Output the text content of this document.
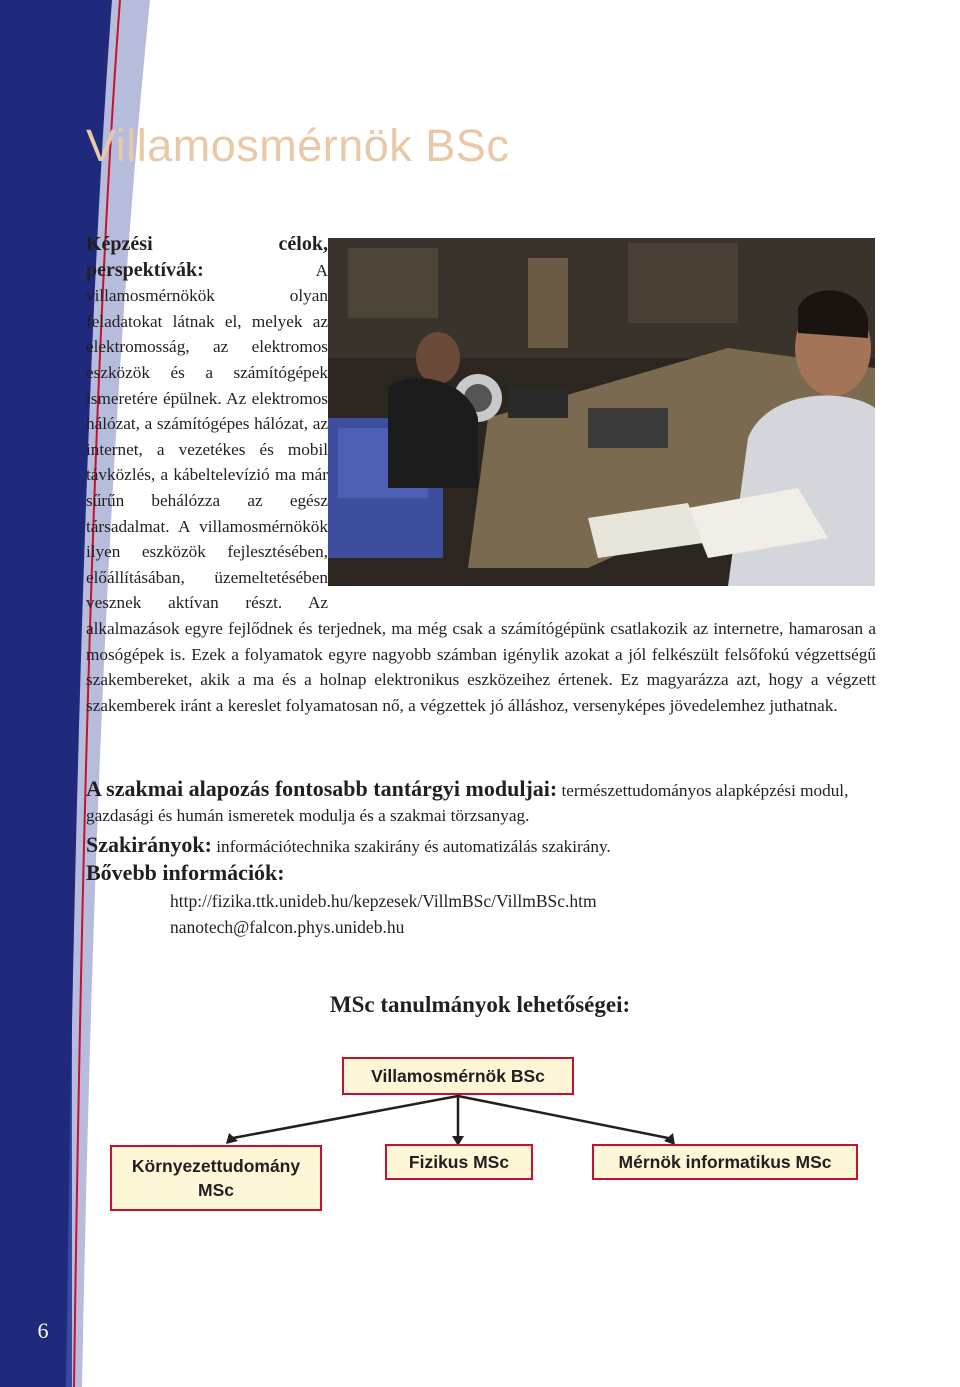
6
Villamosmérnök BSc
Képzési célok, perspektívák: A villamosmérnökök olyan feladatokat látnak el, melyek az elektromosság, az elektromos eszközök és a számítógépek ismeretére épülnek. Az elektromos hálózat, a számítógépes hálózat, az internet, a vezetékes és mobil távközlés, a kábeltelevízió ma már sűrűn behálózza az egész társadalmat. A villamosmérnökök ilyen eszközök fejlesztésében, előállításában, üzemeltetésében vesznek aktívan részt. Az alkalmazások egyre fejlődnek és terjednek, ma még csak a számítógépünk csatlakozik az internetre, hamarosan a mosógépek is. Ezek a folyamatok egyre nagyobb számban igénylik azokat a jól felkészült felsőfokú végzettségű szakembereket, akik a ma és a holnap elektronikus eszközeihez értenek. Ez magyarázza azt, hogy a végzett szakemberek iránt a kereslet folyamatosan nő, a végzettek jó álláshoz, versenyképes jövedelemhez juthatnak.
A szakmai alapozás fontosabb tantárgyi moduljai: természettudományos alapképzési modul, gazdasági és humán ismeretek modulja és a szakmai törzsanyag.
Szakirányok: információtechnika szakirány és automatizálás szakirány.
Bővebb információk:
http://fizika.ttk.unideb.hu/kepzesek/VillmBSc/VillmBSc.htm
nanotech@falcon.phys.unideb.hu
MSc tanulmányok lehetőségei:
Villamosmérnök BSc
Környezettudomány MSc
Fizikus MSc	Mérnök informatikus MSc
